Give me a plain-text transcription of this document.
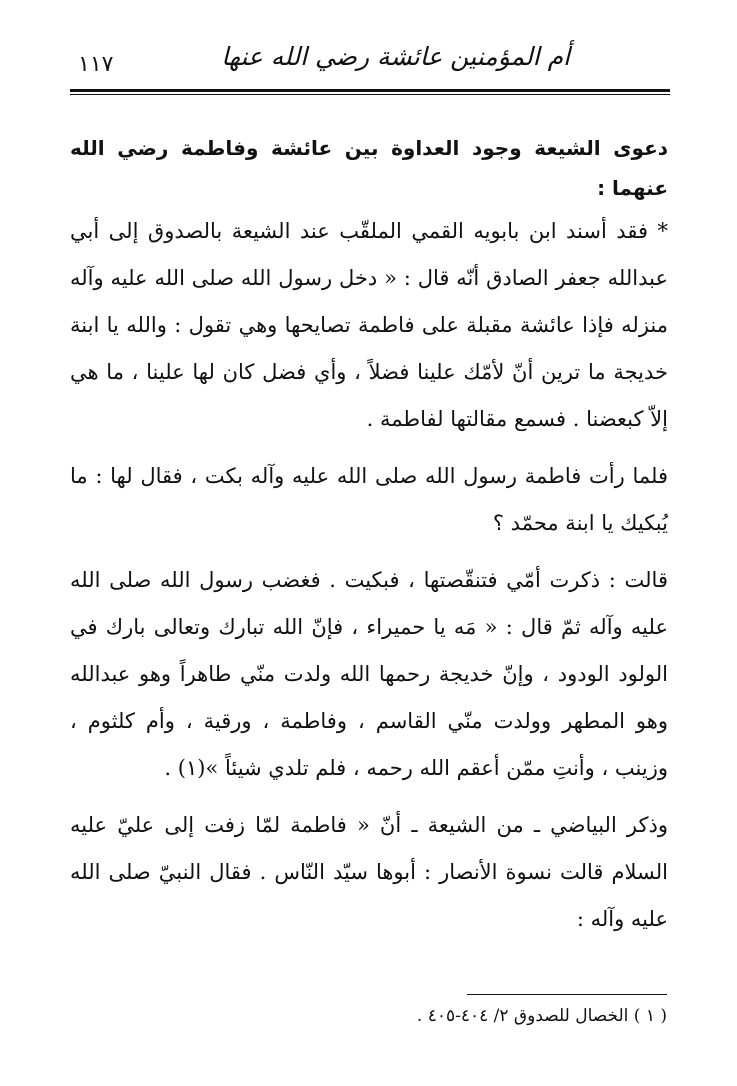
أم المؤمنين عائشة رضي الله عنها
١١٧

دعوى الشيعة وجود العداوة بين عائشة وفاطمة رضي الله عنهما :

* فقد أسند ابن بابويه القمي الملقّب عند الشيعة بالصدوق إلى أبي عبدالله جعفر الصادق أنّه قال : « دخل رسول الله صلى الله عليه وآله منزله فإذا عائشة مقبلة على فاطمة تصايحها وهي تقول : والله يا ابنة خديجة ما ترين أنّ لأمّك علينا فضلاً ، وأي فضل كان لها علينا ، ما هي إلاّ كبعضنا . فسمع مقالتها لفاطمة .

فلما رأت فاطمة رسول الله صلى الله عليه وآله بكت ، فقال لها : ما يُبكيك يا ابنة محمّد ؟

قالت : ذكرت أمّي فتنقّصتها ، فبكيت . فغضب رسول الله صلى الله عليه وآله ثمّ قال : « مَه يا حميراء ، فإنّ الله تبارك وتعالى بارك في الولود الودود ، وإنّ خديجة رحمها الله ولدت منّي طاهراً وهو عبدالله وهو المطهر وولدت منّي القاسم ، وفاطمة ، ورقية ، وأم كلثوم ، وزينب ، وأنتِ ممّن أعقم الله رحمه ، فلم تلدي شيئاً »(١) .

وذكر البياضي ـ من الشيعة ـ أنّ « فاطمة لمّا زفت إلى عليّ عليه السلام قالت نسوة الأنصار : أبوها سيّد النّاس . فقال النبيّ صلى الله عليه وآله :

( ١ ) الخصال للصدوق ٢/ ٤٠٤-٤٠٥ .
